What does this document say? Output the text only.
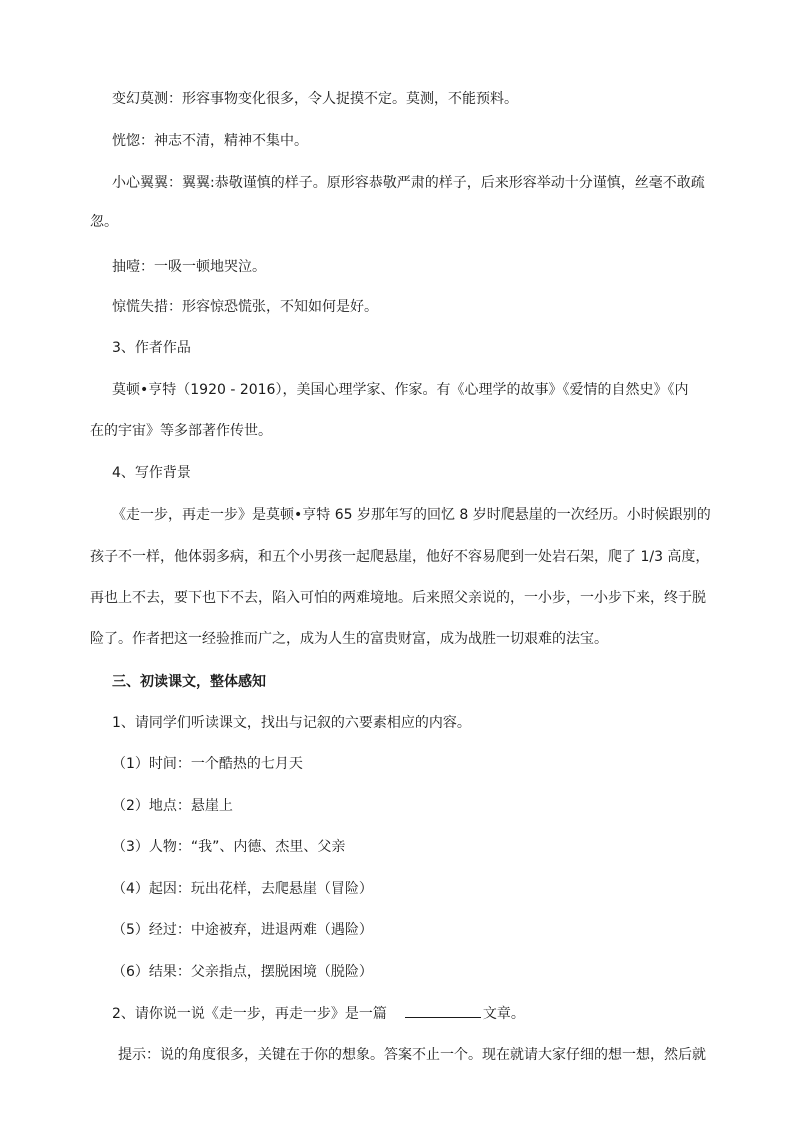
变幻莫测：形容事物变化很多，令人捉摸不定。莫测，不能预料。
恍惚：神志不清，精神不集中。
小心翼翼：翼翼:恭敬谨慎的样子。原形容恭敬严肃的样子，后来形容举动十分谨慎，丝毫不敢疏
忽。
抽噎：一吸一顿地哭泣。
惊慌失措：形容惊恐慌张，不知如何是好。
3、作者作品
莫顿•亨特（1920 - 2016），美国心理学家、作家。有《心理学的故事》《爱情的自然史》《内
在的宇宙》等多部著作传世。
4、写作背景
《走一步，再走一步》是莫顿•亨特 65 岁那年写的回忆 8 岁时爬悬崖的一次经历。小时候跟别的
孩子不一样，他体弱多病，和五个小男孩一起爬悬崖，他好不容易爬到一处岩石架，爬了 1/3 高度，
再也上不去，要下也下不去，陷入可怕的两难境地。后来照父亲说的，一小步，一小步下来，终于脱
险了。作者把这一经验推而广之，成为人生的富贵财富，成为战胜一切艰难的法宝。
三、初读课文，整体感知
1、请同学们听读课文，找出与记叙的六要素相应的内容。
（1）时间：一个酷热的七月天
（2）地点：悬崖上
（3）人物：“我”、内德、杰里、父亲
（4）起因：玩出花样，去爬悬崖（冒险）
（5）经过：中途被弃，进退两难（遇险）
（6）结果：父亲指点，摆脱困境（脱险）
2、请你说一说《走一步，再走一步》是一篇	文章。
提示：说的角度很多，关键在于你的想象。答案不止一个。现在就请大家仔细的想一想，然后就
